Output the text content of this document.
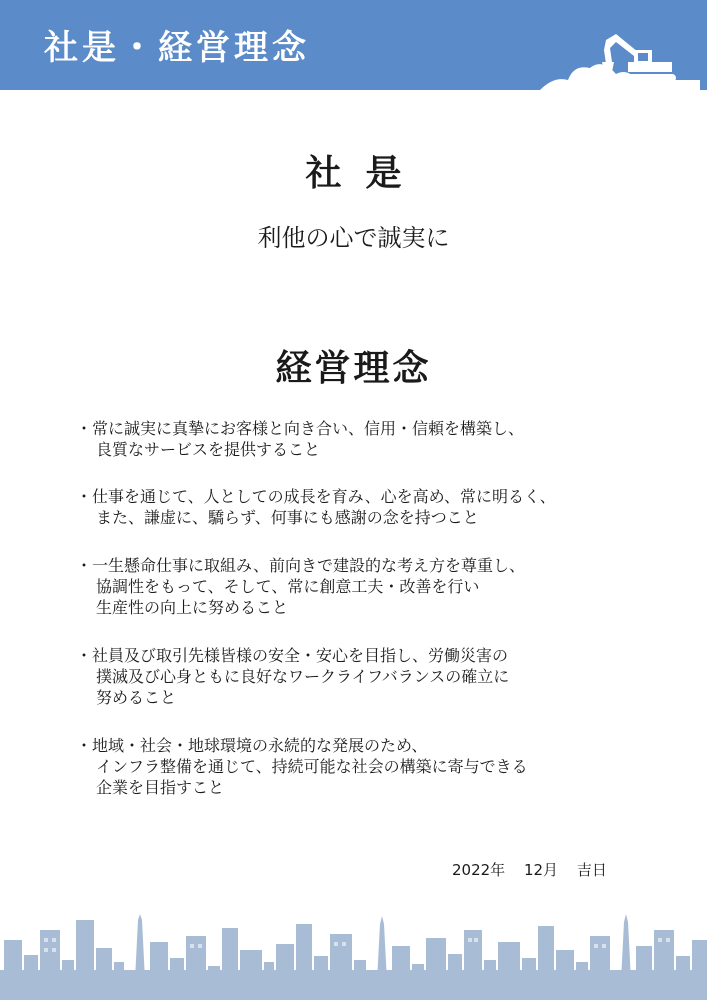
社是・経営理念
社是
利他の心で誠実に
経営理念
・常に誠実に真摯にお客様と向き合い、信用・信頼を構築し、
良質なサービスを提供すること
・仕事を通じて、人としての成長を育み、心を高め、常に明るく、
また、謙虚に、驕らず、何事にも感謝の念を持つこと
・一生懸命仕事に取組み、前向きで建設的な考え方を尊重し、
協調性をもって、そして、常に創意工夫・改善を行い
生産性の向上に努めること
・社員及び取引先様皆様の安全・安心を目指し、労働災害の
撲滅及び心身ともに良好なワークライフバランスの確立に
努めること
・地域・社会・地球環境の永続的な発展のため、
インフラ整備を通じて、持続可能な社会の構築に寄与できる
企業を目指すこと
2022年 12月 吉日
